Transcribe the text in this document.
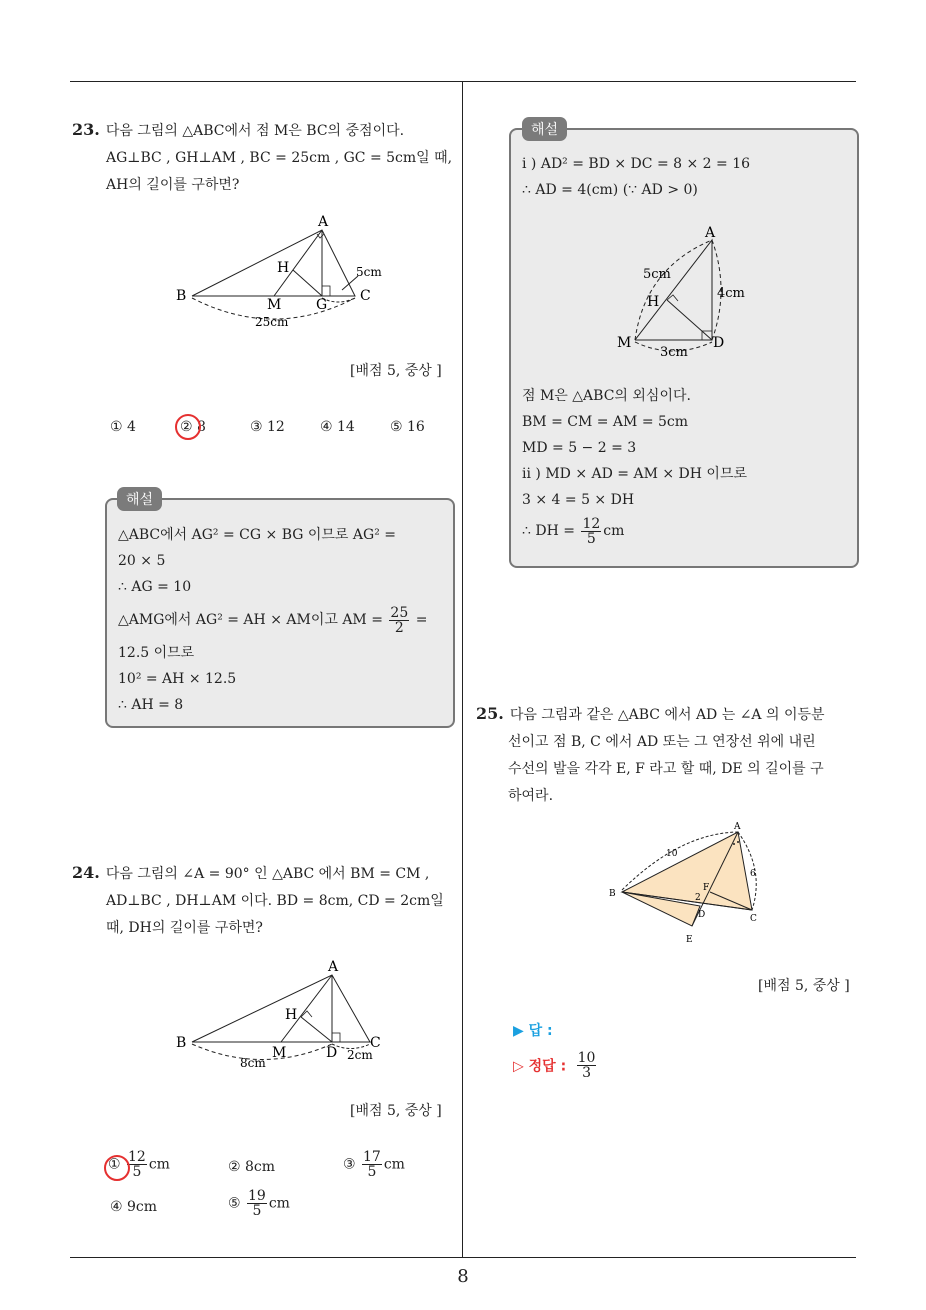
23. 다음 그림의 △ABC에서 점 M은 BC의 중점이다.
AG⊥BC , GH⊥AM , BC = 25cm , GC = 5cm일 때,
AH의 길이를 구하면?
A
B	C
H
M G
5cm
25cm
[배점 5, 중상 ]
① 4	② 8	③ 12	④ 14	⑤ 16
해설
△ABC에서 AG² = CG × BG 이므로 AG² =
20 × 5
∴ AG = 10
△AMG에서 AG² = AH × AM이고 AM = $\frac{25}{2}$ =
12.5 이므로
10² = AH × 12.5
∴ AH = 8
24. 다음 그림의 ∠A = 90° 인 △ABC 에서 BM = CM ,
AD⊥BC , DH⊥AM 이다. BD = 8cm, CD = 2cm일
때, DH의 길이를 구하면?
A
B	C
H
M	D
8cm
2cm
[배점 5, 중상 ]
① $\frac{12}{5}$ cm	② 8cm	③ $\frac{17}{5}$ cm
④ 9cm	⑤ $\frac{19}{5}$ cm
해설
i ) AD² = BD × DC = 8 × 2 = 16
∴ AD = 4(cm) (∵ AD > 0)
A
H
M	D
5cm
4cm
3cm
점 M은 △ABC의 외심이다.
BM = CM = AM = 5cm
MD = 5 − 2 = 3
ii ) MD × AD = AM × DH 이므로
3 × 4 = 5 × DH
∴ DH = $\frac{12}{5}$ cm
25. 다음 그림과 같은 △ABC 에서 AD 는 ∠A 의 이등분
선이고 점 B, C 에서 AD 또는 그 연장선 위에 내린
수선의 발을 각각 E, F 라고 할 때, DE 의 길이를 구
하여라.
A
B
C
D
E
F
10
6
2
[배점 5, 중상 ]
▶ 답 :
▷ 정답 : $\frac{10}{3}$
8
